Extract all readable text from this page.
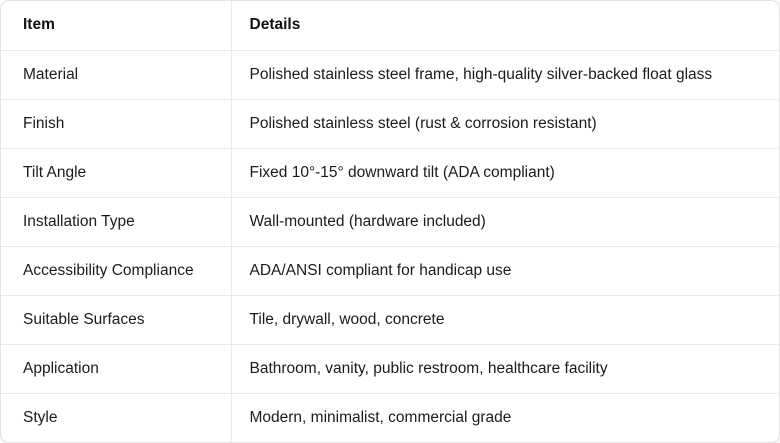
Item	Details
Material	Polished stainless steel frame, high-quality silver-backed float glass
Finish	Polished stainless steel (rust & corrosion resistant)
Tilt Angle	Fixed 10°-15° downward tilt (ADA compliant)
Installation Type	Wall-mounted (hardware included)
Accessibility Compliance	ADA/ANSI compliant for handicap use
Suitable Surfaces	Tile, drywall, wood, concrete
Application	Bathroom, vanity, public restroom, healthcare facility
Style	Modern, minimalist, commercial grade
